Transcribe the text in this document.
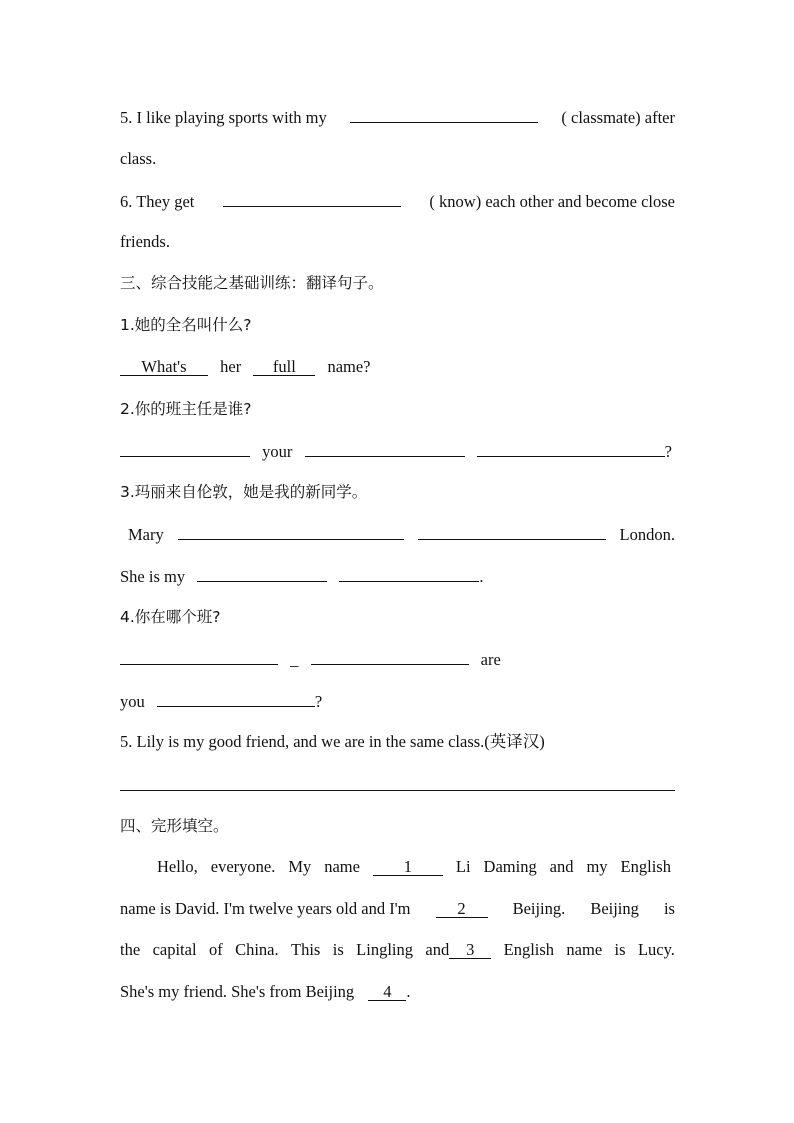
5. I like playing sports with my	( classmate) after
class.
6. They get	( know) each other and become close
friends.
三、综合技能之基础训练：翻译句子。
1.她的全名叫什么?
What's her full name?
2.你的班主任是谁?
your	?
3.玛丽来自伦敦，她是我的新同学。
Mary	London.
She is my	.
4.你在哪个班?
_	are
you	?
5. Lily is my good friend, and we are in the same class.(英译汉)
四、完形填空。
Hello, everyone. My name	1	Li Daming and my English
name is David. I'm twelve years old and I'm	2	Beijing. Beijing is
the capital of China. This is Lingling and 3	English name is Lucy.
She's my friend. She's from Beijing 4 .
